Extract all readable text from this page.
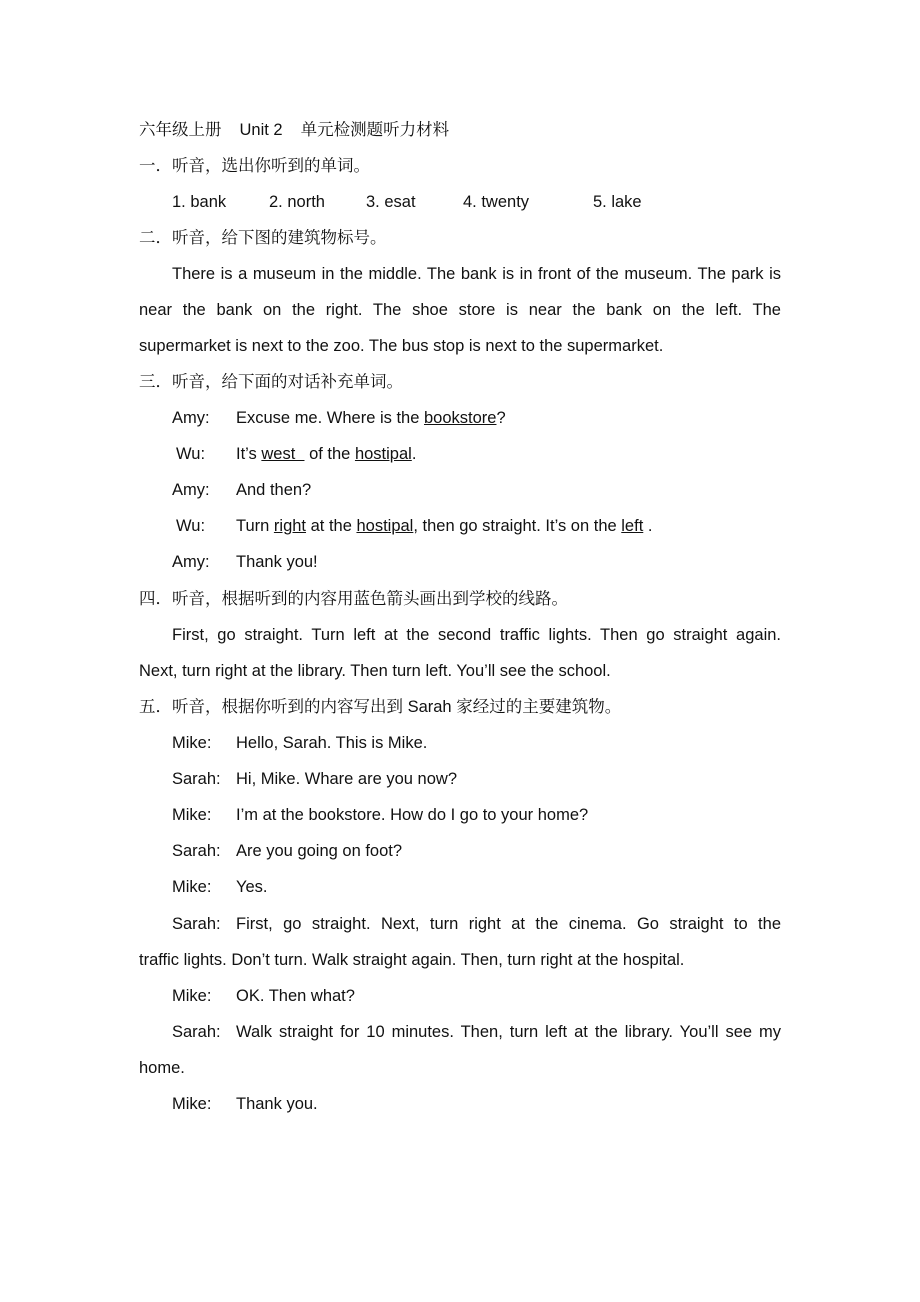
六年级上册 Unit 2 单元检测题听力材料
一．听音，选出你听到的单词。
1. bank	2. north 3. esat	4. twenty	5. lake
二．听音，给下图的建筑物标号。
There is a museum in the middle. The bank is in front of the museum. The park is
near the bank on the right. The shoe store is near the bank on the left. The
supermarket is next to the zoo. The bus stop is next to the supermarket.
三．听音，给下面的对话补充单词。
Amy: Excuse me. Where is the bookstore?
Wu: It’s west   of the hostipal.
Amy: And then?
Wu: Turn right at the hostipal, then go straight. It’s on the left .
Amy: Thank you!
四．听音，根据听到的内容用蓝色箭头画出到学校的线路。
First, go straight. Turn left at the second traffic lights. Then go straight again.
Next, turn right at the library. Then turn left. You’ll see the school.
五．听音，根据你听到的内容写出到 Sarah 家经过的主要建筑物。
Mike: Hello, Sarah. This is Mike.
Sarah: Hi, Mike. Whare are you now?
Mike: I’m at the bookstore. How do I go to your home?
Sarah: Are you going on foot?
Mike: Yes.
Sarah: First, go straight. Next, turn right at the cinema. Go straight to the
traffic lights. Don’t turn. Walk straight again. Then, turn right at the hospital.
Mike: OK. Then what?
Sarah: Walk straight for 10 minutes. Then, turn left at the library. You’ll see my
home.
Mike: Thank you.
